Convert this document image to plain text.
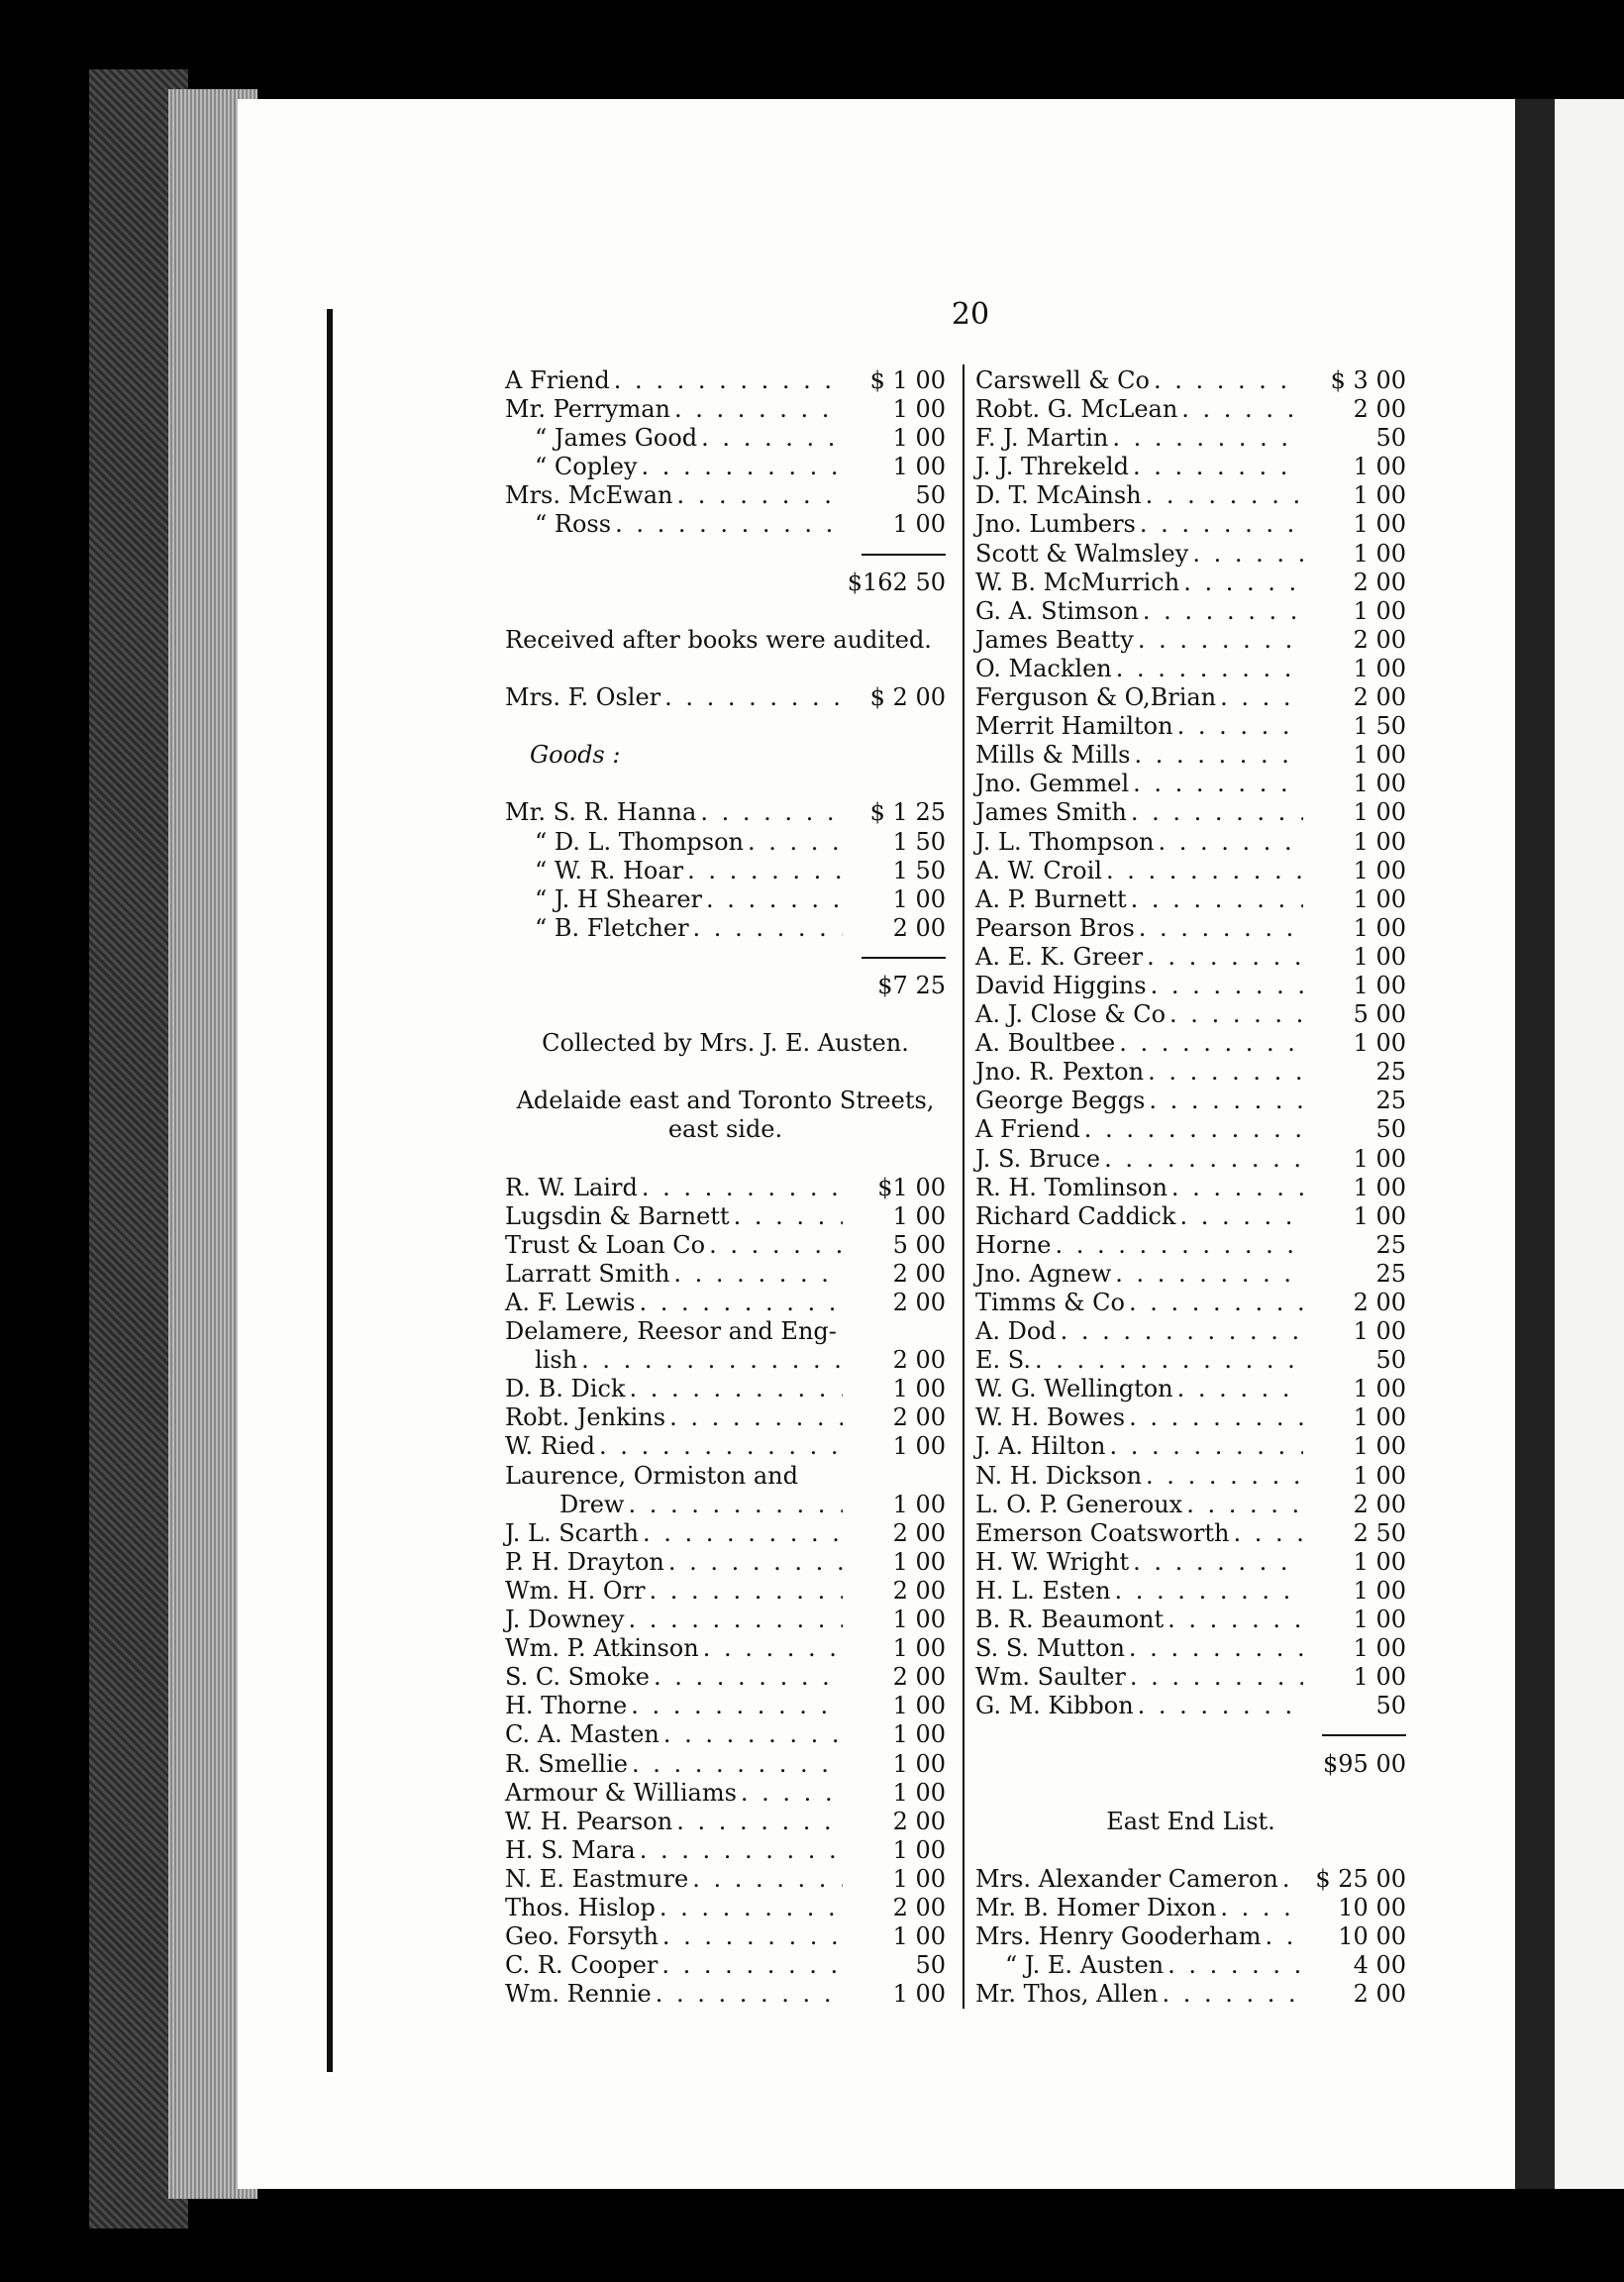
20
A Friend . . .	$ 1 00
Mr. Perryman . . .	1 00
“ James Good . . .	1 00
“ Copley . . .	1 00
Mrs. McEwan . . .	50
“ Ross . . .	1 00
$162 50
Received after books were audited.
Mrs. F. Osler . . .	$ 2 00
Goods :
Mr. S. R. Hanna . . .	$ 1 25
“ D. L. Thompson . . .	1 50
“ W. R. Hoar . . .	1 50
“ J. H Shearer . . .	1 00
“ B. Fletcher . . .	2 00
$7 25
Collected by Mrs. J. E. Austen.
Adelaide east and Toronto Streets,
east side.
R. W. Laird . . .	$1 00
Lugsdin & Barnett . . .	1 00
Trust & Loan Co . . .	5 00
Larratt Smith . . .	2 00
A. F. Lewis . . .	2 00
Delamere, Reesor and Eng-
lish . . .	2 00
D. B. Dick . . .	1 00
Robt. Jenkins . . .	2 00
W. Ried . . .	1 00
Laurence, Ormiston and
Drew . . .	1 00
J. L. Scarth . . .	2 00
P. H. Drayton . . .	1 00
Wm. H. Orr . . .	2 00
J. Downey . . .	1 00
Wm. P. Atkinson . . .	1 00
S. C. Smoke . . .	2 00
H. Thorne . . .	1 00
C. A. Masten . . .	1 00
R. Smellie . . .	1 00
Armour & Williams . . .	1 00
W. H. Pearson . . .	2 00
H. S. Mara . . .	1 00
N. E. Eastmure . . .	1 00
Thos. Hislop . . .	2 00
Geo. Forsyth . . .	1 00
C. R. Cooper . . .	50
Wm. Rennie . . .	1 00
Carswell & Co . . .	$ 3 00
Robt. G. McLean . . .	2 00
F. J. Martin . . .	50
J. J. Threkeld . . .	1 00
D. T. McAinsh . . .	1 00
Jno. Lumbers . . .	1 00
Scott & Walmsley . . .	1 00
W. B. McMurrich . . .	2 00
G. A. Stimson . . .	1 00
James Beatty . . .	2 00
O. Macklen . . .	1 00
Ferguson & O,Brian . . .	2 00
Merrit Hamilton . . .	1 50
Mills & Mills . . .	1 00
Jno. Gemmel . . .	1 00
James Smith . . .	1 00
J. L. Thompson . . .	1 00
A. W. Croil . . .	1 00
A. P. Burnett . . .	1 00
Pearson Bros . . .	1 00
A. E. K. Greer . . .	1 00
David Higgins . . .	1 00
A. J. Close & Co . . .	5 00
A. Boultbee . . .	1 00
Jno. R. Pexton . . .	25
George Beggs . . .	25
A Friend . . .	50
J. S. Bruce . . .	1 00
R. H. Tomlinson . . .	1 00
Richard Caddick . . .	1 00
Horne . . .	25
Jno. Agnew . . .	25
Timms & Co . . .	2 00
A. Dod . . .	1 00
E. S. . . .	50
W. G. Wellington . . .	1 00
W. H. Bowes . . .	1 00
J. A. Hilton . . .	1 00
N. H. Dickson . . .	1 00
L. O. P. Generoux . . .	2 00
Emerson Coatsworth . . .	2 50
H. W. Wright . . .	1 00
H. L. Esten . . .	1 00
B. R. Beaumont . . .	1 00
S. S. Mutton . . .	1 00
Wm. Saulter . . .	1 00
G. M. Kibbon . . .	50
$95 00
East End List.
Mrs. Alexander Cameron . . .	$ 25 00
Mr. B. Homer Dixon . . .	10 00
Mrs. Henry Gooderham . . .	10 00
“ J. E. Austen . . .	4 00
Mr. Thos, Allen . . .	2 00
